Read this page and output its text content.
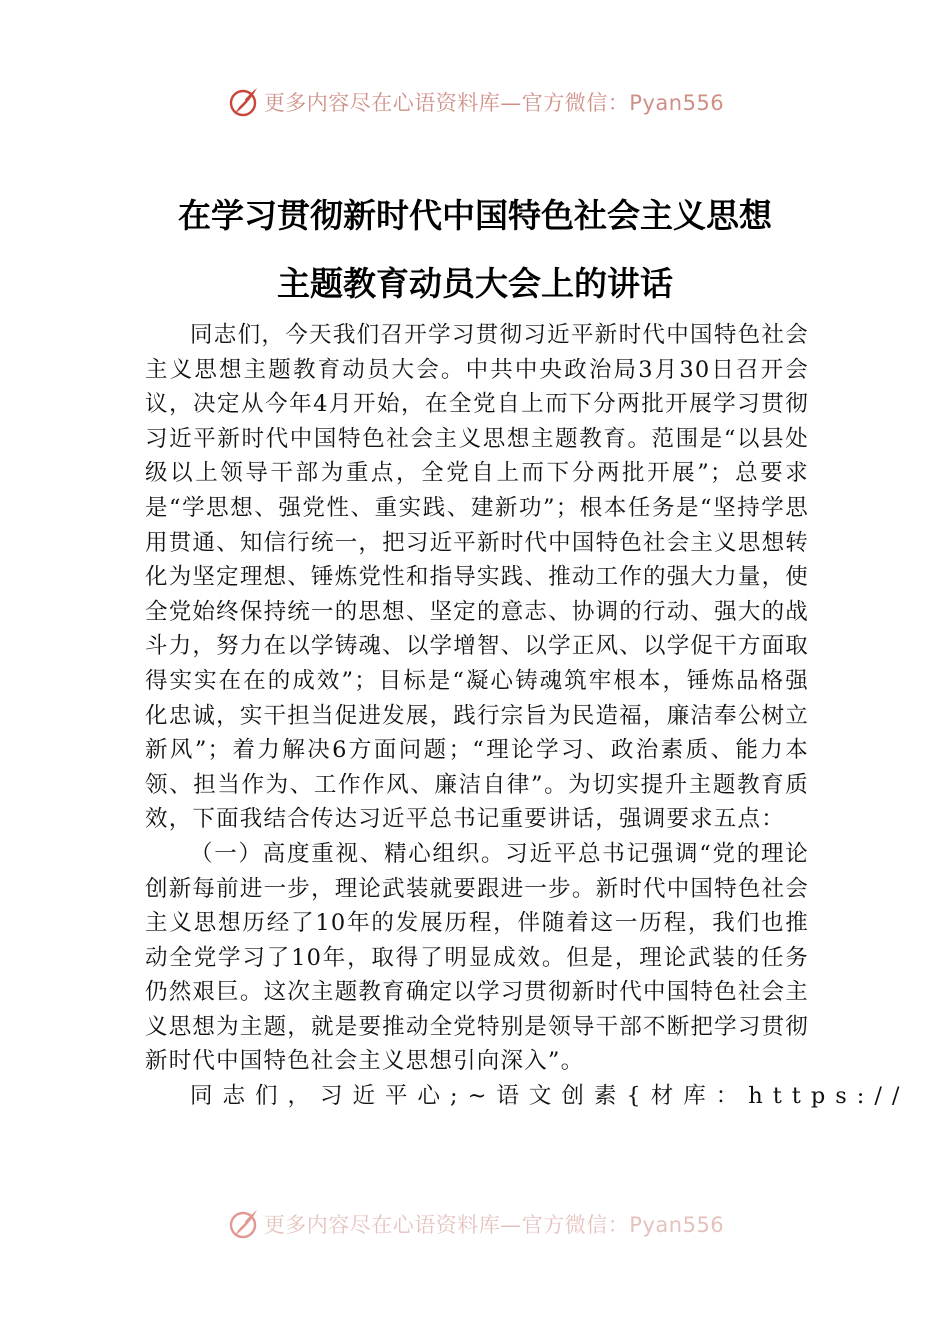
更多内容尽在心语资料库—官方微信：Pyan556
在学习贯彻新时代中国特色社会主义思想
主题教育动员大会上的讲话

同志们，今天我们召开学习贯彻习近平新时代中国特色社会主义思想主题教育动员大会。中共中央政治局3月30日召开会议，决定从今年4月开始，在全党自上而下分两批开展学习贯彻习近平新时代中国特色社会主义思想主题教育。范围是“以县处级以上领导干部为重点，全党自上而下分两批开展”；总要求是“学思想、强党性、重实践、建新功”；根本任务是“坚持学思用贯通、知信行统一，把习近平新时代中国特色社会主义思想转化为坚定理想、锤炼党性和指导实践、推动工作的强大力量，使全党始终保持统一的思想、坚定的意志、协调的行动、强大的战斗力，努力在以学铸魂、以学增智、以学正风、以学促干方面取得实实在在的成效”；目标是“凝心铸魂筑牢根本，锤炼品格强化忠诚，实干担当促进发展，践行宗旨为民造福，廉洁奉公树立新风”；着力解决6方面问题；“理论学习、政治素质、能力本领、担当作为、工作作风、廉洁自律”。为切实提升主题教育质效，下面我结合传达习近平总书记重要讲话，强调要求五点：

（一）高度重视、精心组织。习近平总书记强调“党的理论创新每前进一步，理论武装就要跟进一步。新时代中国特色社会主义思想历经了10年的发展历程，伴随着这一历程，我们也推动全党学习了10年，取得了明显成效。但是，理论武装的任务仍然艰巨。这次主题教育确定以学习贯彻新时代中国特色社会主义思想为主题，就是要推动全党特别是领导干部不断把学习贯彻新时代中国特色社会主义思想引向深入”。

同志们，习近平心;~语文创素{材库：https://

更多内容尽在心语资料库—官方微信：Pyan556
